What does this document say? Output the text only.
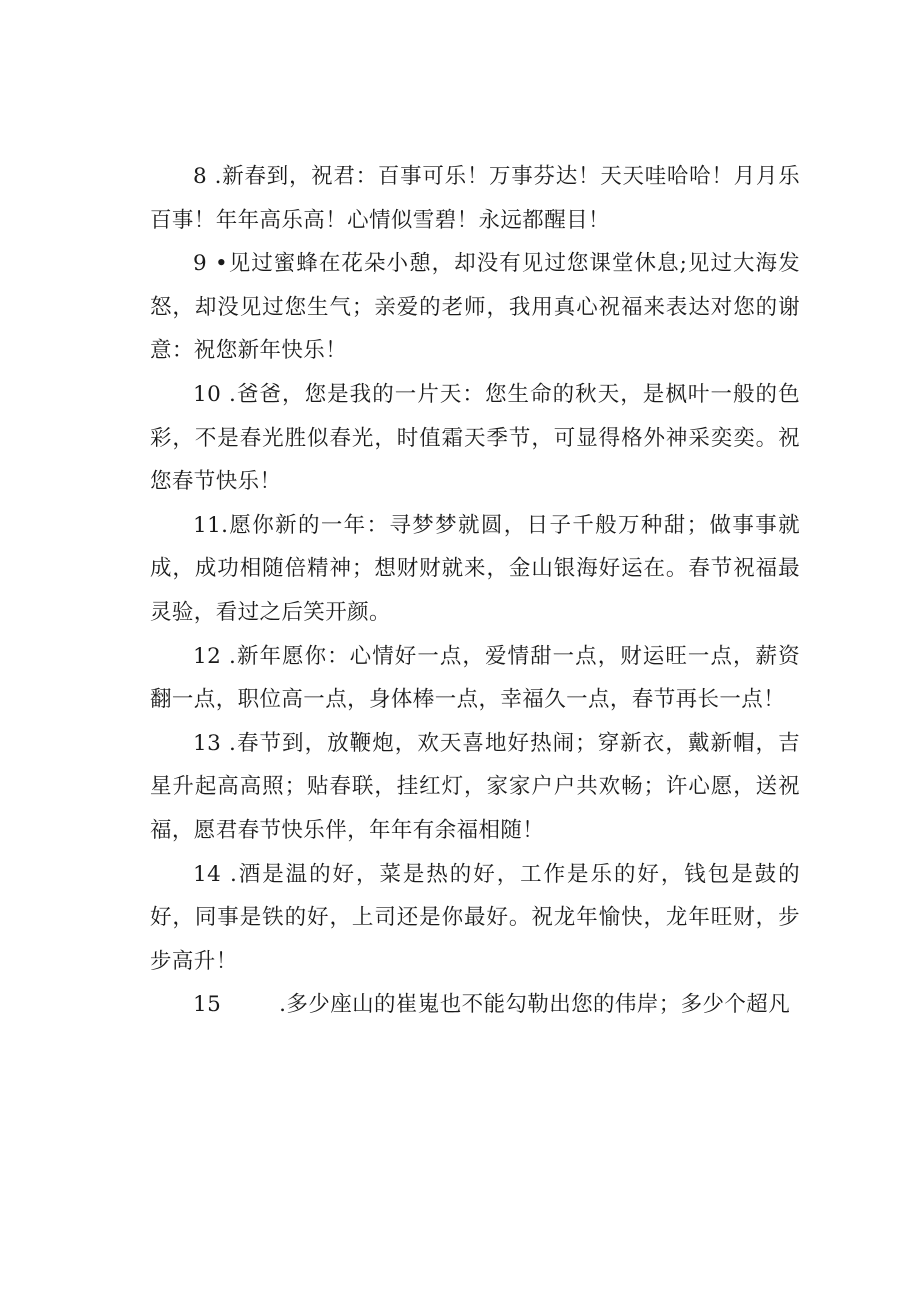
8 .新春到，祝君：百事可乐！万事芬达！天天哇哈哈！月月乐百事！年年高乐高！心情似雪碧！永远都醒目！

9 •见过蜜蜂在花朵小憩，却没有见过您课堂休息;见过大海发怒，却没见过您生气；亲爱的老师，我用真心祝福来表达对您的谢意：祝您新年快乐！

10 .爸爸，您是我的一片天：您生命的秋天，是枫叶一般的色彩，不是春光胜似春光，时值霜天季节，可显得格外神采奕奕。祝您春节快乐！

11.愿你新的一年：寻梦梦就圆，日子千般万种甜；做事事就成，成功相随倍精神；想财财就来，金山银海好运在。春节祝福最灵验，看过之后笑开颜。

12 .新年愿你：心情好一点，爱情甜一点，财运旺一点，薪资翻一点，职位高一点，身体棒一点，幸福久一点，春节再长一点！

13 .春节到，放鞭炮，欢天喜地好热闹；穿新衣，戴新帽，吉星升起高高照；贴春联，挂红灯，家家户户共欢畅；许心愿，送祝福，愿君春节快乐伴，年年有余福相随！

14 .酒是温的好，菜是热的好，工作是乐的好，钱包是鼓的好，同事是铁的好，上司还是你最好。祝龙年愉快，龙年旺财，步步高升！

15	.多少座山的崔嵬也不能勾勒出您的伟岸；多少个超凡
